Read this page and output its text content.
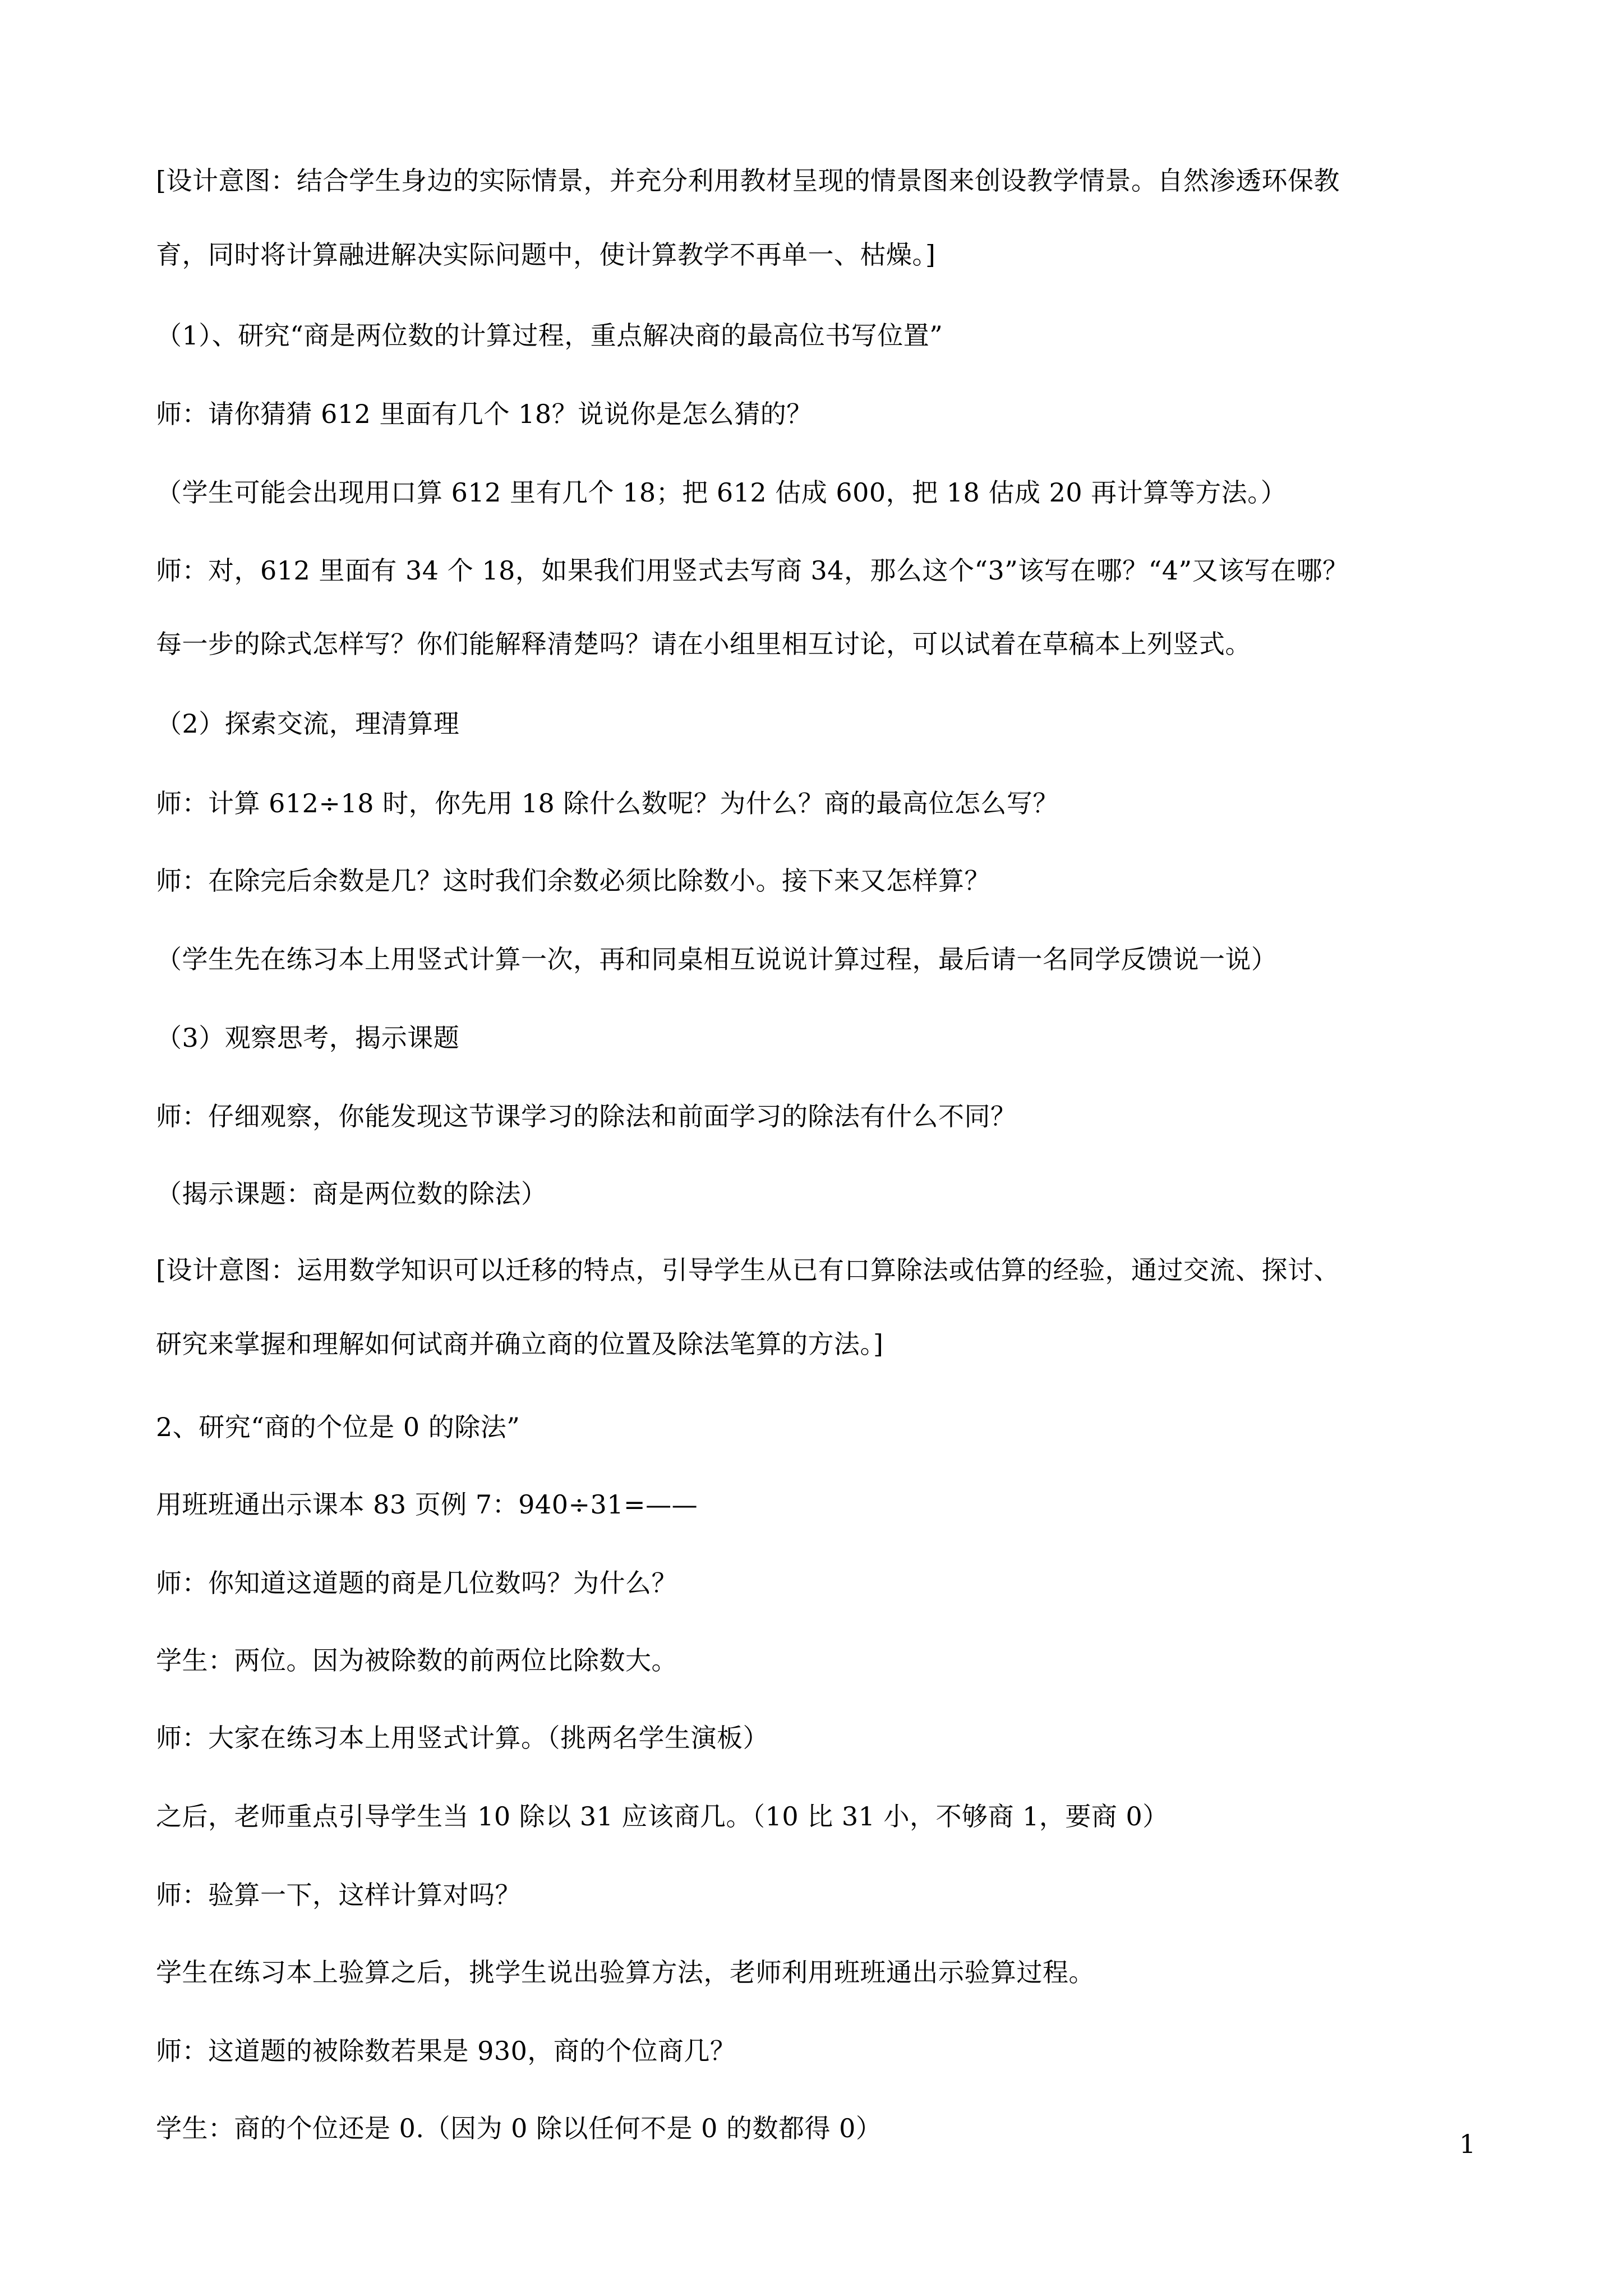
[设计意图：结合学生身边的实际情景，并充分利用教材呈现的情景图来创设教学情景。自然渗透环保教
育，同时将计算融进解决实际问题中，使计算教学不再单一、枯燥。]
（1）、研究“商是两位数的计算过程，重点解决商的最高位书写位置”
师：请你猜猜 612 里面有几个 18？说说你是怎么猜的？
（学生可能会出现用口算 612 里有几个 18；把 612 估成 600，把 18 估成 20 再计算等方法。）
师：对，612 里面有 34 个 18，如果我们用竖式去写商 34，那么这个“3”该写在哪？“4”又该写在哪？
每一步的除式怎样写？你们能解释清楚吗？请在小组里相互讨论，可以试着在草稿本上列竖式。
（2）探索交流，理清算理
师：计算 612÷18 时，你先用 18 除什么数呢？为什么？商的最高位怎么写？
师：在除完后余数是几？这时我们余数必须比除数小。接下来又怎样算？
（学生先在练习本上用竖式计算一次，再和同桌相互说说计算过程，最后请一名同学反馈说一说）
（3）观察思考，揭示课题
师：仔细观察，你能发现这节课学习的除法和前面学习的除法有什么不同？
（揭示课题：商是两位数的除法）
[设计意图：运用数学知识可以迁移的特点，引导学生从已有口算除法或估算的经验，通过交流、探讨、
研究来掌握和理解如何试商并确立商的位置及除法笔算的方法。]
2、研究“商的个位是 0 的除法”
用班班通出示课本 83 页例 7：940÷31=——
师：你知道这道题的商是几位数吗？为什么？
学生：两位。因为被除数的前两位比除数大。
师：大家在练习本上用竖式计算。（挑两名学生演板）
之后，老师重点引导学生当 10 除以 31 应该商几。（10 比 31 小，不够商 1，要商 0）
师：验算一下，这样计算对吗？
学生在练习本上验算之后，挑学生说出验算方法，老师利用班班通出示验算过程。
师：这道题的被除数若果是 930，商的个位商几？
学生：商的个位还是 0.（因为 0 除以任何不是 0 的数都得 0）
1
